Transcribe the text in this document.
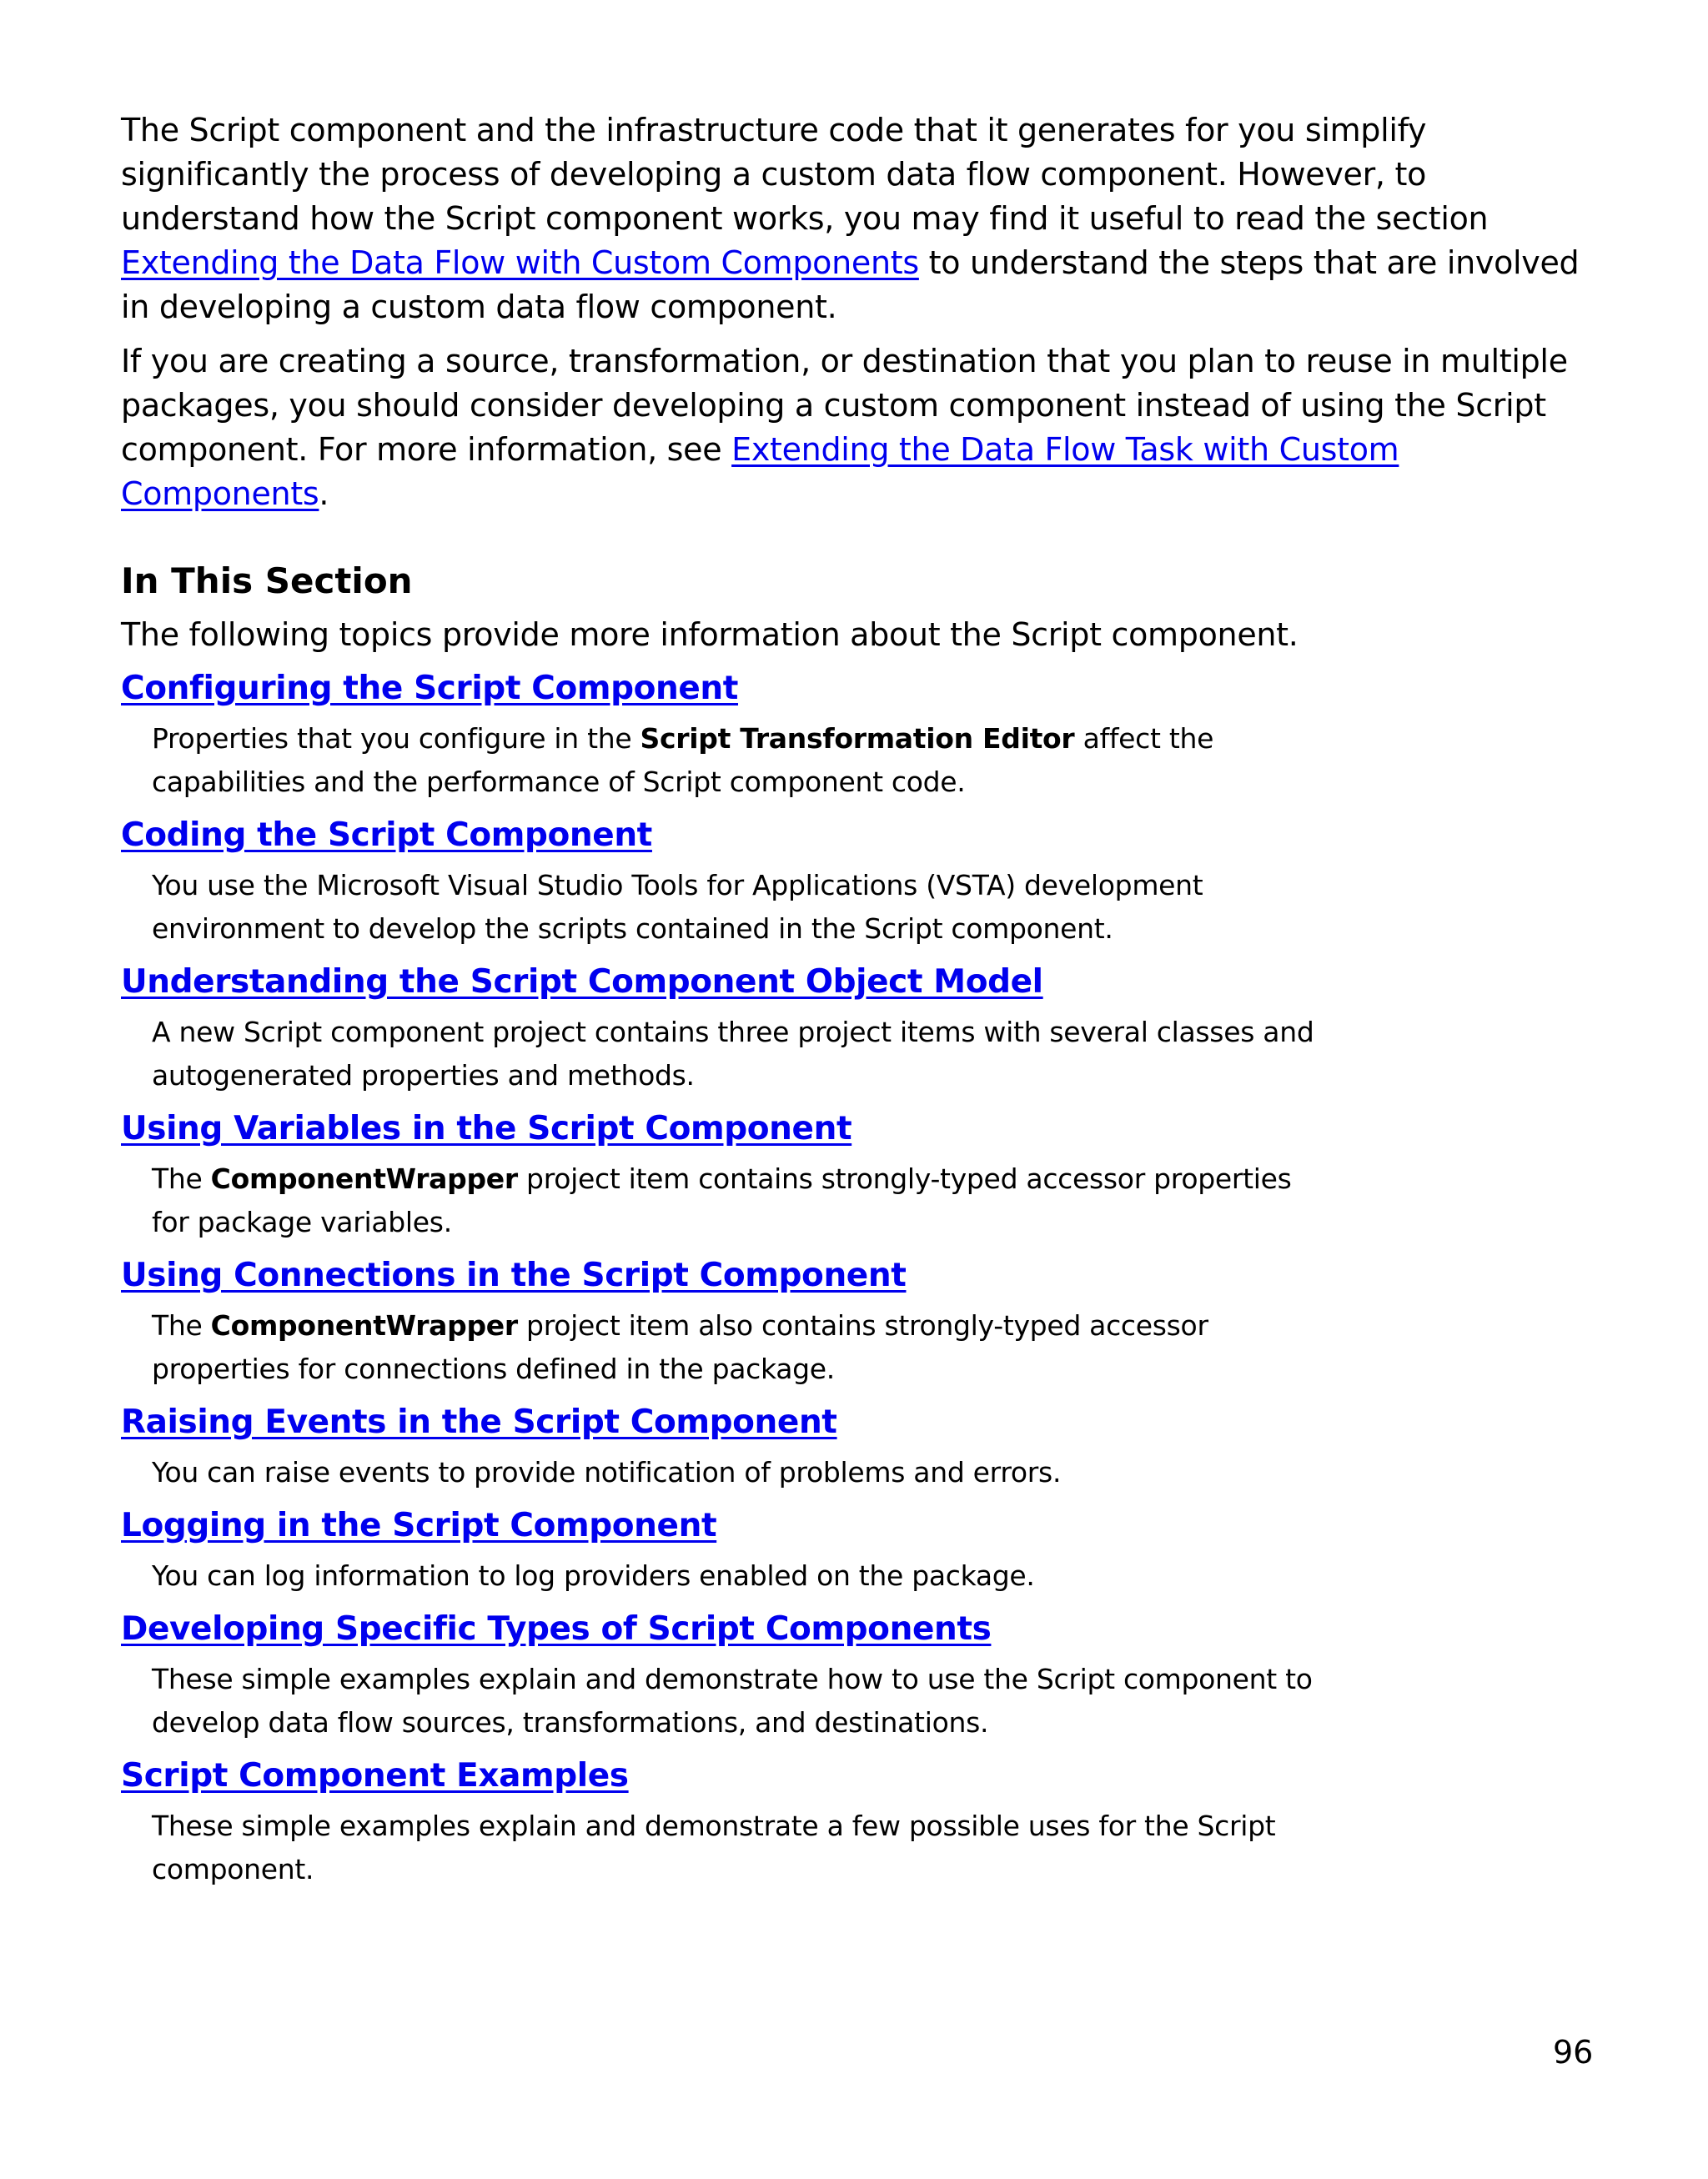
The Script component and the infrastructure code that it generates for you simplify significantly the process of developing a custom data flow component. However, to understand how the Script component works, you may find it useful to read the section Extending the Data Flow with Custom Components to understand the steps that are involved in developing a custom data flow component.

If you are creating a source, transformation, or destination that you plan to reuse in multiple packages, you should consider developing a custom component instead of using the Script component. For more information, see Extending the Data Flow Task with Custom Components.

In This Section

The following topics provide more information about the Script component.

Configuring the Script Component
Properties that you configure in the Script Transformation Editor affect the capabilities and the performance of Script component code.
Coding the Script Component
You use the Microsoft Visual Studio Tools for Applications (VSTA) development environment to develop the scripts contained in the Script component.
Understanding the Script Component Object Model
A new Script component project contains three project items with several classes and autogenerated properties and methods.
Using Variables in the Script Component
The ComponentWrapper project item contains strongly-typed accessor properties for package variables.
Using Connections in the Script Component
The ComponentWrapper project item also contains strongly-typed accessor properties for connections defined in the package.
Raising Events in the Script Component
You can raise events to provide notification of problems and errors.
Logging in the Script Component
You can log information to log providers enabled on the package.
Developing Specific Types of Script Components
These simple examples explain and demonstrate how to use the Script component to develop data flow sources, transformations, and destinations.
Script Component Examples
These simple examples explain and demonstrate a few possible uses for the Script component.
96
